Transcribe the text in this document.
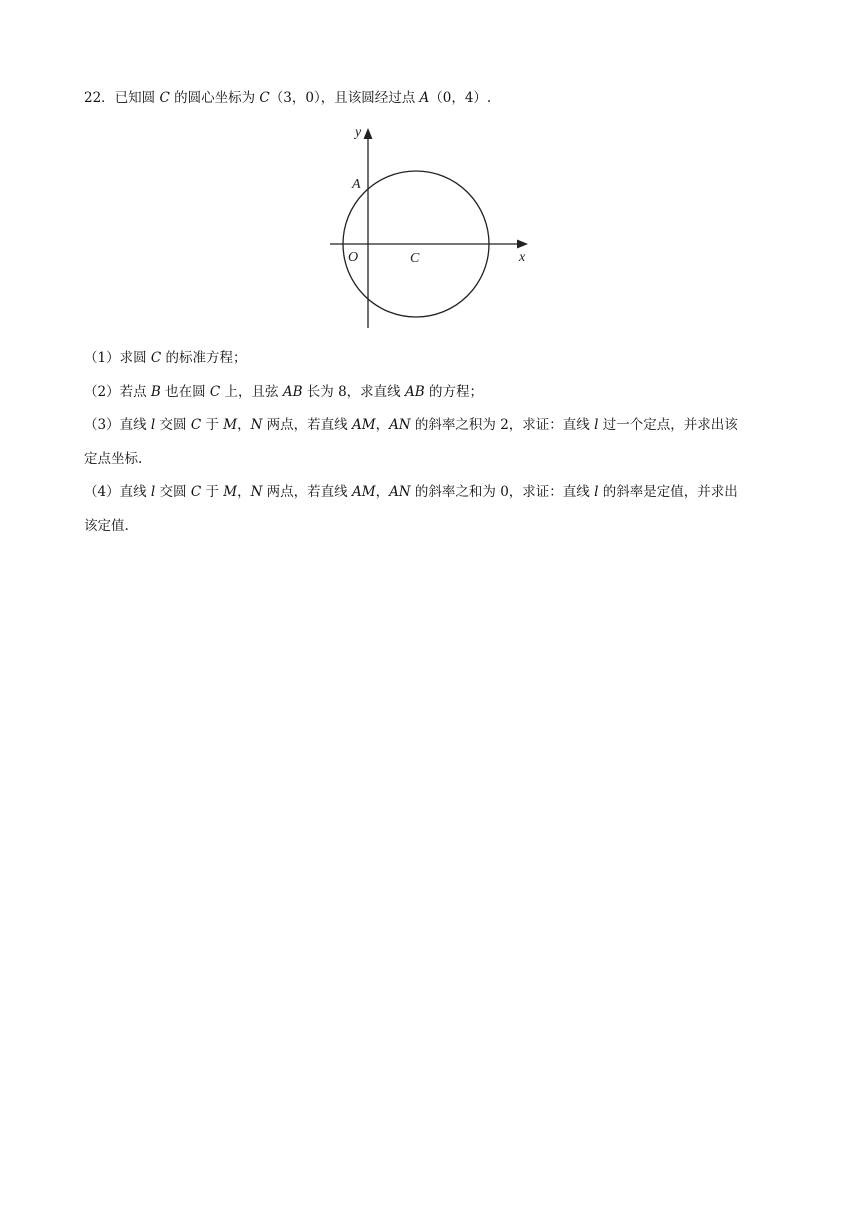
22．已知圆 C 的圆心坐标为 C（3，0），且该圆经过点 A（0，4）.
y
x
A
O	C
（1）求圆 C 的标准方程；
（2）若点 B 也在圆 C 上，且弦 AB 长为 8，求直线 AB 的方程；
（3）直线 l 交圆 C 于 M，N 两点，若直线 AM，AN 的斜率之积为 2，求证：直线 l 过一个定点，并求出该
定点坐标.
（4）直线 l 交圆 C 于 M，N 两点，若直线 AM，AN 的斜率之和为 0，求证：直线 l 的斜率是定值，并求出
该定值.
